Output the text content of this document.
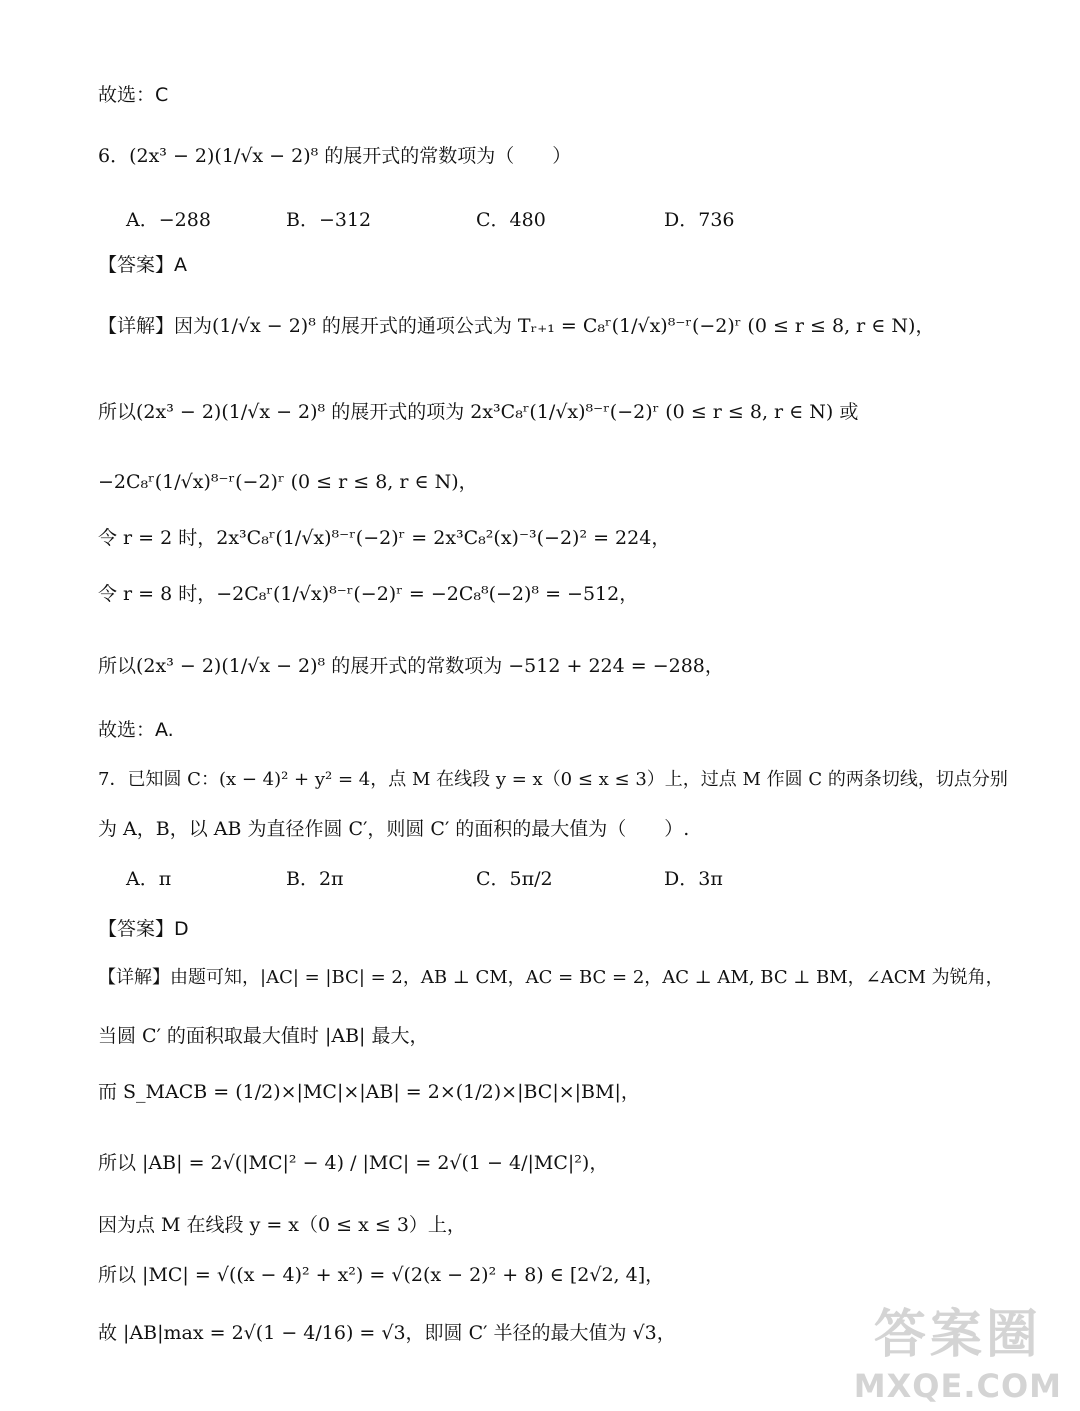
故选：C
6．(2x³ − 2)(1/√x − 2)⁸ 的展开式的常数项为（　　）
A．−288	B．−312	C．480	D．736
【答案】A
【详解】因为(1/√x − 2)⁸ 的展开式的通项公式为 Tᵣ₊₁ = C₈ʳ(1/√x)⁸⁻ʳ(−2)ʳ (0 ≤ r ≤ 8, r ∈ N)，
所以(2x³ − 2)(1/√x − 2)⁸ 的展开式的项为 2x³C₈ʳ(1/√x)⁸⁻ʳ(−2)ʳ (0 ≤ r ≤ 8, r ∈ N) 或
−2C₈ʳ(1/√x)⁸⁻ʳ(−2)ʳ (0 ≤ r ≤ 8, r ∈ N)，
令 r = 2 时，2x³C₈ʳ(1/√x)⁸⁻ʳ(−2)ʳ = 2x³C₈²(x)⁻³(−2)² = 224，
令 r = 8 时，−2C₈ʳ(1/√x)⁸⁻ʳ(−2)ʳ = −2C₈⁸(−2)⁸ = −512，
所以(2x³ − 2)(1/√x − 2)⁸ 的展开式的常数项为 −512 + 224 = −288，
故选：A.
7．已知圆 C：(x − 4)² + y² = 4，点 M 在线段 y = x（0 ≤ x ≤ 3）上，过点 M 作圆 C 的两条切线，切点分别
为 A，B，以 AB 为直径作圆 C′，则圆 C′ 的面积的最大值为（　　）.
A．π	B．2π	C．5π/2	D．3π
【答案】D
【详解】由题可知，|AC| = |BC| = 2，AB ⊥ CM，AC = BC = 2，AC ⊥ AM, BC ⊥ BM，∠ACM 为锐角，
当圆 C′ 的面积取最大值时 |AB| 最大，
而 S_MACB = (1/2)×|MC|×|AB| = 2×(1/2)×|BC|×|BM|，
所以 |AB| = 2√(|MC|² − 4) / |MC| = 2√(1 − 4/|MC|²)，
因为点 M 在线段 y = x（0 ≤ x ≤ 3）上，
所以 |MC| = √((x − 4)² + x²) = √(2(x − 2)² + 8) ∈ [2√2, 4]，
故 |AB|max = 2√(1 − 4/16) = √3，即圆 C′ 半径的最大值为 √3，	答案圈
MXQE.COM
